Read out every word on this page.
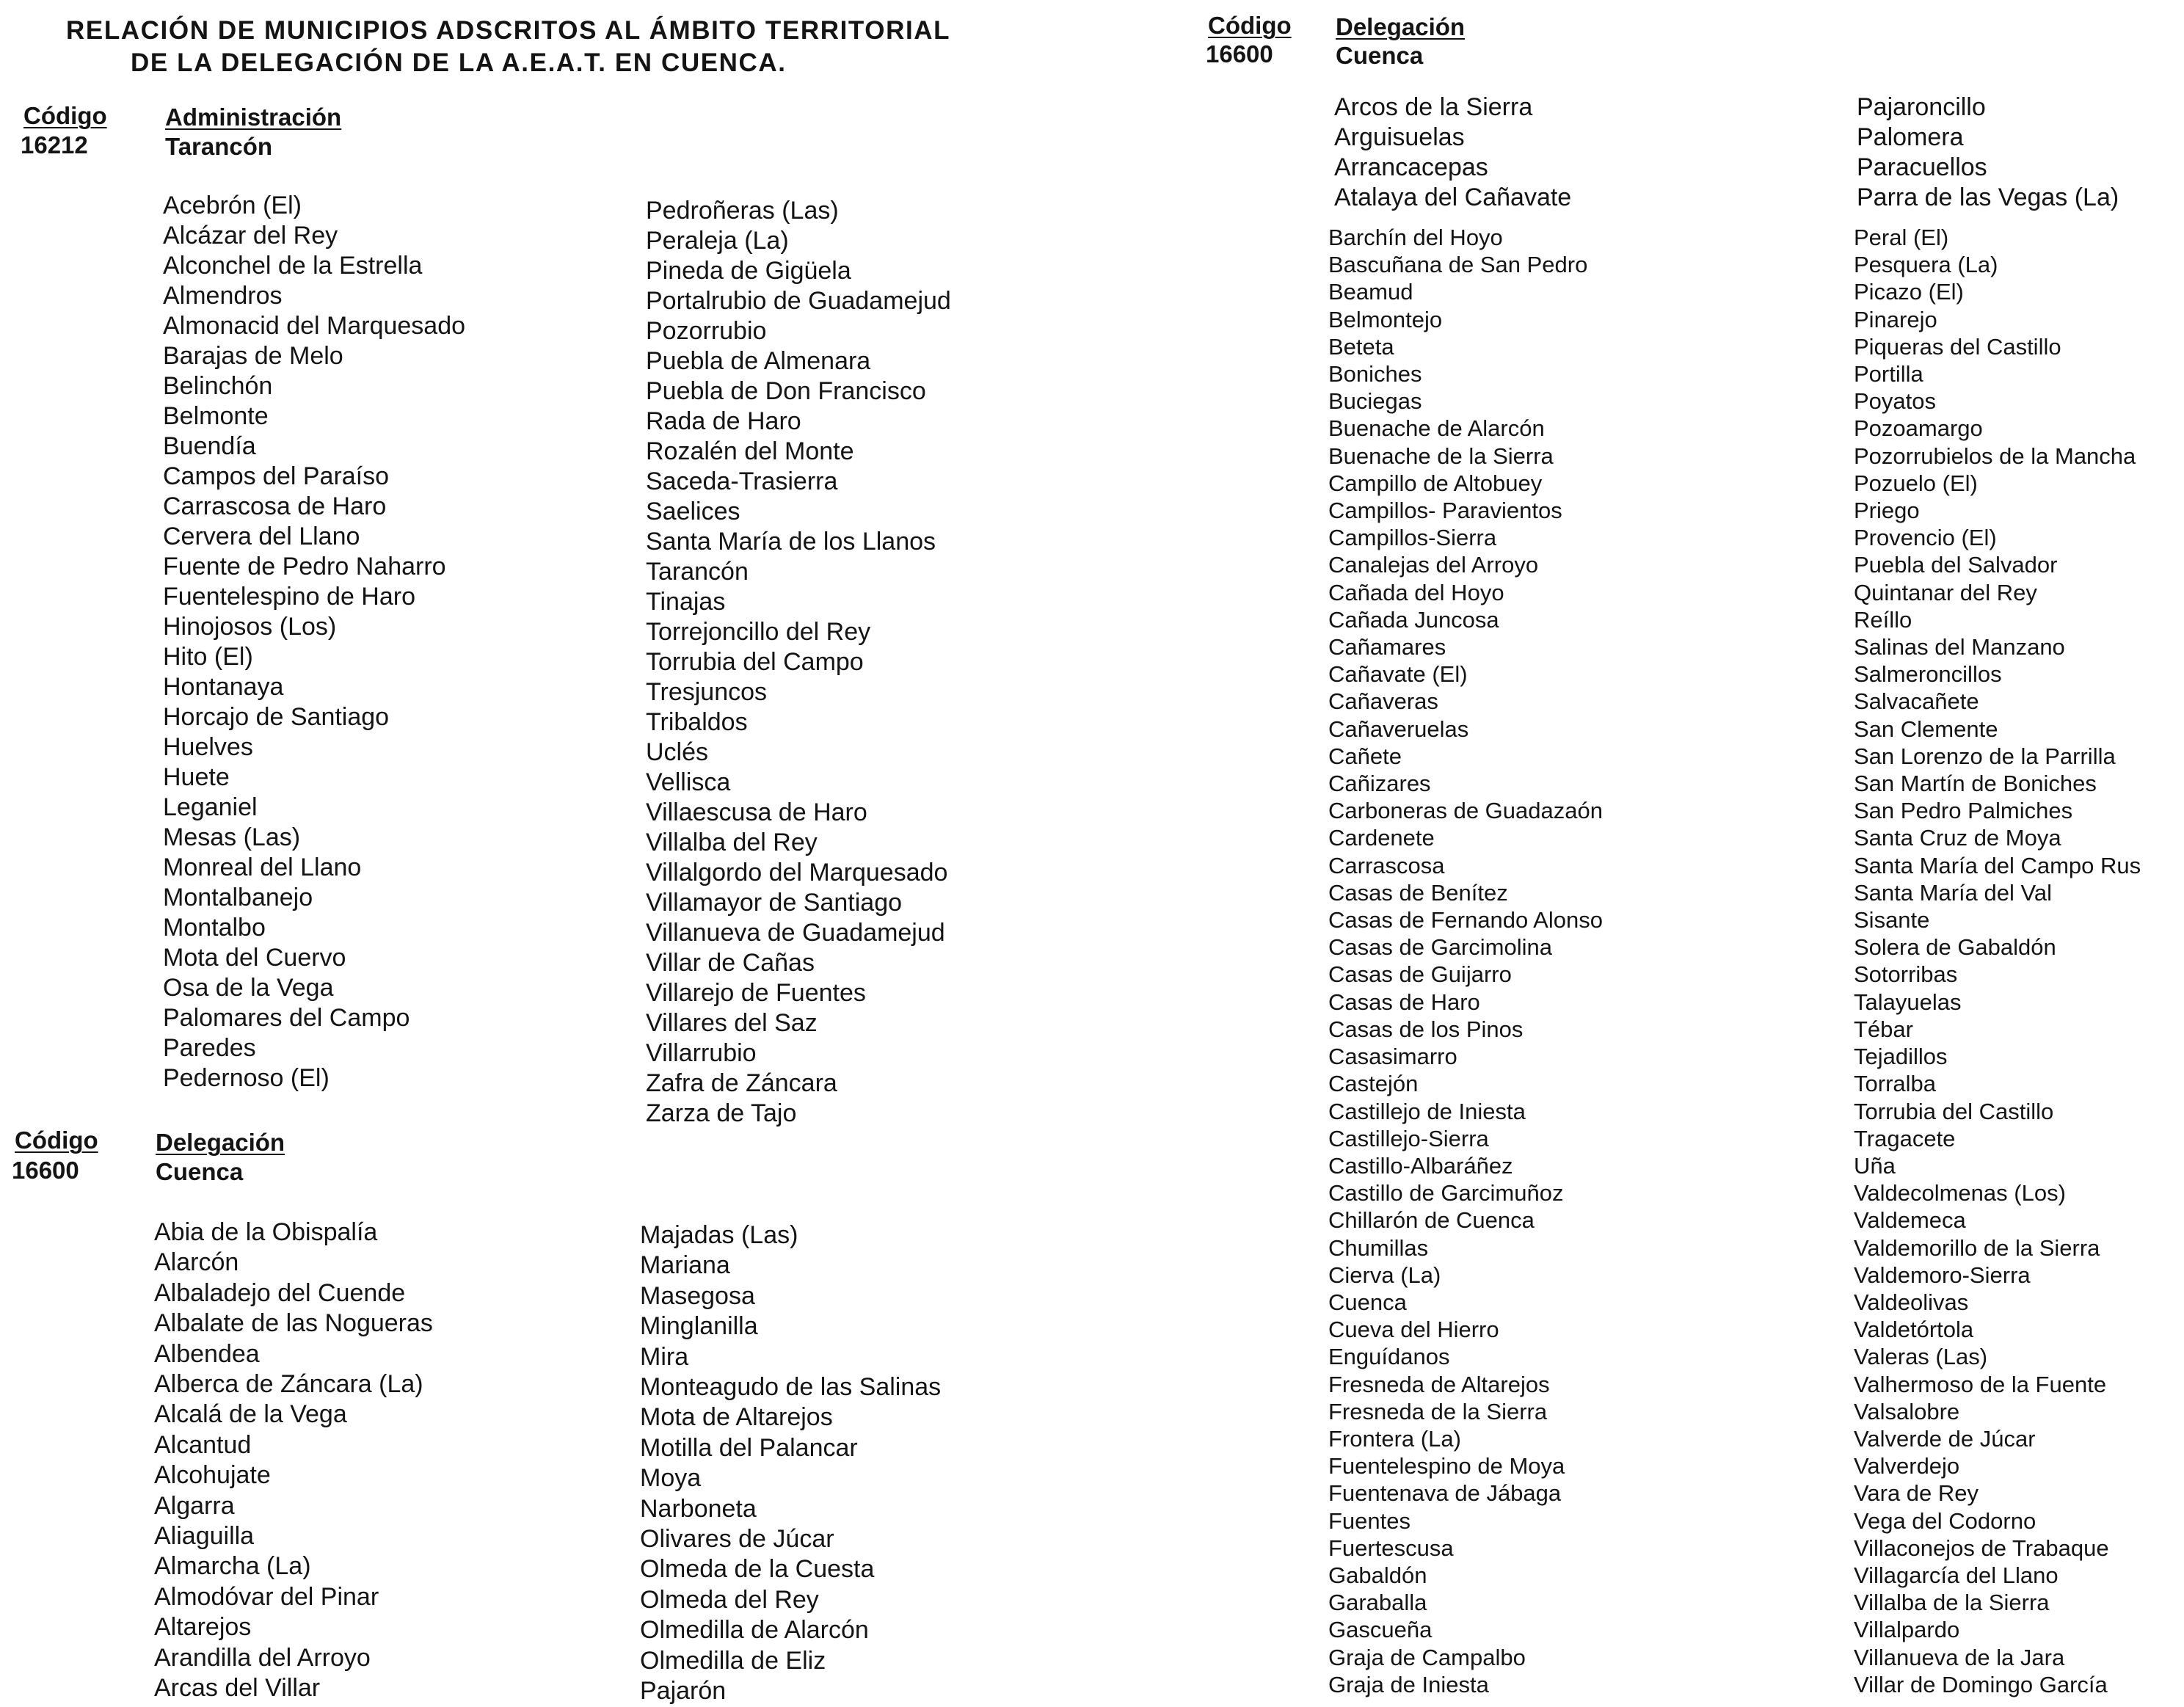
RELACIÓN DE MUNICIPIOS ADSCRITOS AL ÁMBITO TERRITORIAL
DE LA DELEGACIÓN DE LA A.E.A.T. EN CUENCA.
Código
16212
Administración
Tarancón
Acebrón (El)
Alcázar del Rey
Alconchel de la Estrella
Almendros
Almonacid del Marquesado
Barajas de Melo
Belinchón
Belmonte
Buendía
Campos del Paraíso
Carrascosa de Haro
Cervera del Llano
Fuente de Pedro Naharro
Fuentelespino de Haro
Hinojosos (Los)
Hito (El)
Hontanaya
Horcajo de Santiago
Huelves
Huete
Leganiel
Mesas (Las)
Monreal del Llano
Montalbanejo
Montalbo
Mota del Cuervo
Osa de la Vega
Palomares del Campo
Paredes
Pedernoso (El)
Pedroñeras (Las)
Peraleja (La)
Pineda de Gigüela
Portalrubio de Guadamejud
Pozorrubio
Puebla de Almenara
Puebla de Don Francisco
Rada de Haro
Rozalén del Monte
Saceda-Trasierra
Saelices
Santa María de los Llanos
Tarancón
Tinajas
Torrejoncillo del Rey
Torrubia del Campo
Tresjuncos
Tribaldos
Uclés
Vellisca
Villaescusa de Haro
Villalba del Rey
Villalgordo del Marquesado
Villamayor de Santiago
Villanueva de Guadamejud
Villar de Cañas
Villarejo de Fuentes
Villares del Saz
Villarrubio
Zafra de Záncara
Zarza de Tajo
Código
16600
Delegación
Cuenca
Abia de la Obispalía
Alarcón
Albaladejo del Cuende
Albalate de las Nogueras
Albendea
Alberca de Záncara (La)
Alcalá de la Vega
Alcantud
Alcohujate
Algarra
Aliaguilla
Almarcha (La)
Almodóvar del Pinar
Altarejos
Arandilla del Arroyo
Arcas del Villar
Majadas (Las)
Mariana
Masegosa
Minglanilla
Mira
Monteagudo de las Salinas
Mota de Altarejos
Motilla del Palancar
Moya
Narboneta
Olivares de Júcar
Olmeda de la Cuesta
Olmeda del Rey
Olmedilla de Alarcón
Olmedilla de Eliz
Pajarón
Código
16600
Delegación
Cuenca
Arcos de la Sierra
Arguisuelas
Arrancacepas
Atalaya del Cañavate
Barchín del Hoyo
Bascuñana de San Pedro
Beamud
Belmontejo
Beteta
Boniches
Buciegas
Buenache de Alarcón
Buenache de la Sierra
Campillo de Altobuey
Campillos- Paravientos
Campillos-Sierra
Canalejas del Arroyo
Cañada del Hoyo
Cañada Juncosa
Cañamares
Cañavate (El)
Cañaveras
Cañaveruelas
Cañete
Cañizares
Carboneras de Guadazaón
Cardenete
Carrascosa
Casas de Benítez
Casas de Fernando Alonso
Casas de Garcimolina
Casas de Guijarro
Casas de Haro
Casas de los Pinos
Casasimarro
Castejón
Castillejo de Iniesta
Castillejo-Sierra
Castillo-Albaráñez
Castillo de Garcimuñoz
Chillarón de Cuenca
Chumillas
Cierva (La)
Cuenca
Cueva del Hierro
Enguídanos
Fresneda de Altarejos
Fresneda de la Sierra
Frontera (La)
Fuentelespino de Moya
Fuentenava de Jábaga
Fuentes
Fuertescusa
Gabaldón
Garaballa
Gascueña
Graja de Campalbo
Graja de Iniesta
Pajaroncillo
Palomera
Paracuellos
Parra de las Vegas (La)
Peral (El)
Pesquera (La)
Picazo (El)
Pinarejo
Piqueras del Castillo
Portilla
Poyatos
Pozoamargo
Pozorrubielos de la Mancha
Pozuelo (El)
Priego
Provencio (El)
Puebla del Salvador
Quintanar del Rey
Reíllo
Salinas del Manzano
Salmeroncillos
Salvacañete
San Clemente
San Lorenzo de la Parrilla
San Martín de Boniches
San Pedro Palmiches
Santa Cruz de Moya
Santa María del Campo Rus
Santa María del Val
Sisante
Solera de Gabaldón
Sotorribas
Talayuelas
Tébar
Tejadillos
Torralba
Torrubia del Castillo
Tragacete
Uña
Valdecolmenas (Los)
Valdemeca
Valdemorillo de la Sierra
Valdemoro-Sierra
Valdeolivas
Valdetórtola
Valeras (Las)
Valhermoso de la Fuente
Valsalobre
Valverde de Júcar
Valverdejo
Vara de Rey
Vega del Codorno
Villaconejos de Trabaque
Villagarcía del Llano
Villalba de la Sierra
Villalpardo
Villanueva de la Jara
Villar de Domingo García
